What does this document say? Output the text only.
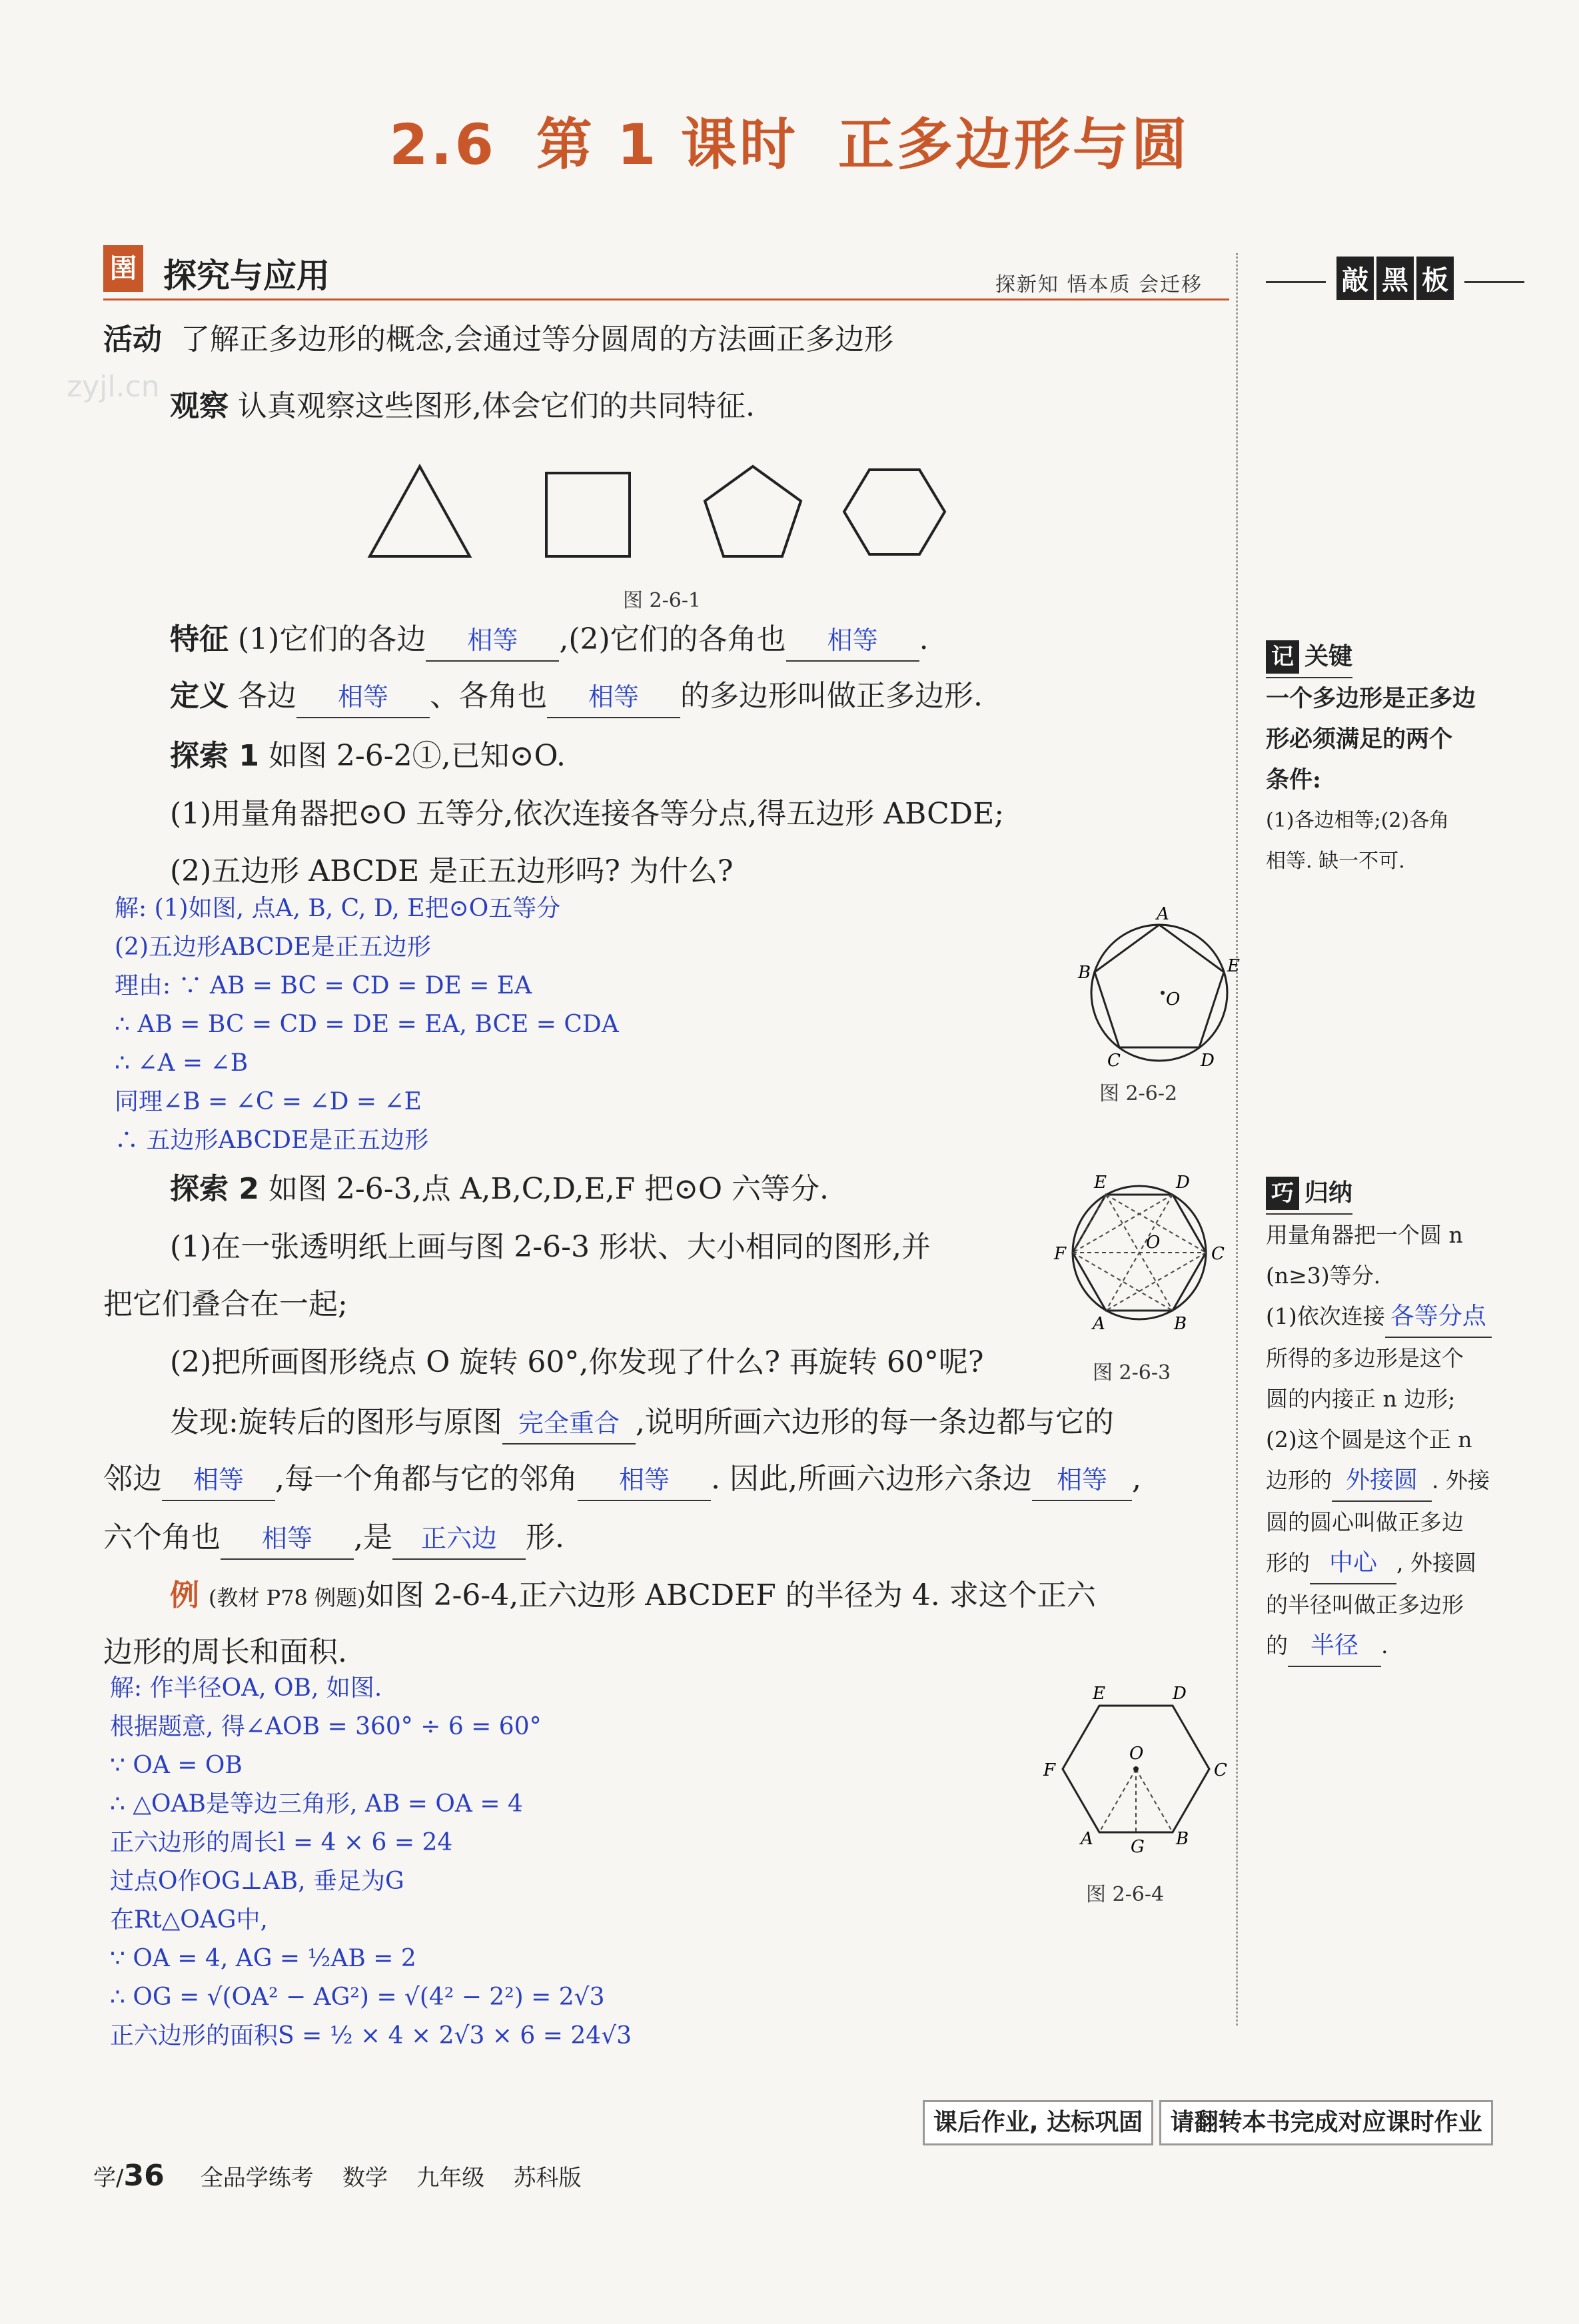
2.6 第 1 课时 正多边形与圆
圉 探究与应用	探新知 悟本质 会迁移	敲 黑 板
zyjl.cn
活动 了解正多边形的概念,会通过等分圆周的方法画正多边形
观察 认真观察这些图形,体会它们的共同特征.
图 2-6-1
特征 (1)它们的各边 相等 ,(2)它们的各角也 相等 .
定义 各边 相等 、各角也 相等 的多边形叫做正多边形.
探索 1 如图 2-6-2①,已知⊙O.
(1)用量角器把⊙O 五等分,依次连接各等分点,得五边形 ABCDE;
(2)五边形 ABCDE 是正五边形吗? 为什么?
解: (1)如图, 点A, B, C, D, E把⊙O五等分
(2)五边形ABCDE是正五边形
理由: ∵ AB = BC = CD = DE = EA
∴ AB = BC = CD = DE = EA, BCE = CDA
∴ ∠A = ∠B
同理∠B = ∠C = ∠D = ∠E
∴ 五边形ABCDE是正五边形
A
B
C	D
E
O
图 2-6-2
探索 2 如图 2-6-3,点 A,B,C,D,E,F 把⊙O 六等分.
(1)在一张透明纸上画与图 2-6-3 形状、大小相同的图形,并
把它们叠合在一起;
(2)把所画图形绕点 O 旋转 60°,你发现了什么? 再旋转 60°呢?
发现:旋转后的图形与原图 完全重合 ,说明所画六边形的每一条边都与它的
邻边 相等 ,每一个角都与它的邻角 相等 . 因此,所画六边形六条边 相等 ,
六个角也 相等 ,是 正六边 形.
O
A	B
C
D
E
F
图 2-6-3
例 (教材 P78 例题)如图 2-6-4,正六边形 ABCDEF 的半径为 4. 求这个正六
边形的周长和面积.
解: 作半径OA, OB, 如图.
根据题意, 得∠AOB = 360° ÷ 6 = 60°
∵ OA = OB
∴ △OAB是等边三角形, AB = OA = 4
正六边形的周长l = 4 × 6 = 24
过点O作OG⊥AB, 垂足为G
在Rt△OAG中,
∵ OA = 4, AG = ½AB = 2
∴ OG = √(OA² − AG²) = √(4² − 2²) = 2√3
正六边形的面积S = ½ × 4 × 2√3 × 6 = 24√3
O
A	B
C
D
E
F
G
图 2-6-4
记 关键
一个多边形是正多边
形必须满足的两个
条件:
(1)各边相等;(2)各角
相等. 缺一不可.
巧 归纳
用量角器把一个圆 n
(n≥3)等分.
(1)依次连接 各等分点
所得的多边形是这个
圆的内接正 n 边形;
(2)这个圆是这个正 n
边形的 外接圆 . 外接
圆的圆心叫做正多边
形的 中心 , 外接圆
的半径叫做正多边形
的 半径 .
课后作业, 达标巩固	请翻转本书完成对应课时作业
学/36 全品学练考 数学 九年级 苏科版
